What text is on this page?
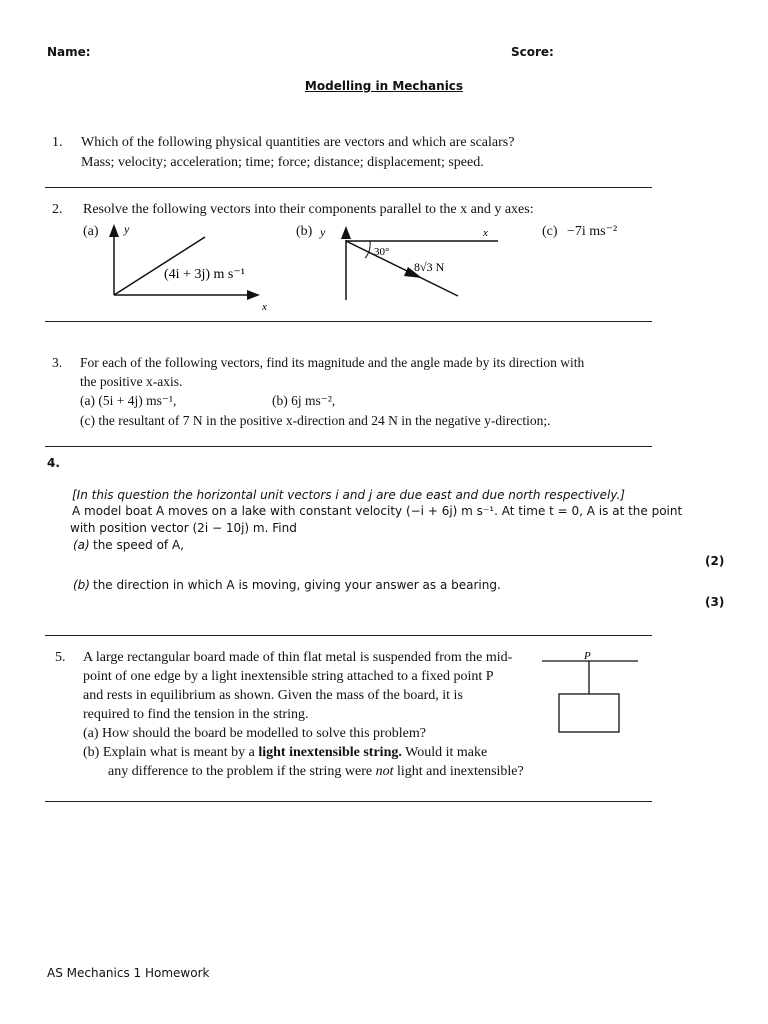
Name:	Score:
Modelling in Mechanics
1. Which of the following physical quantities are vectors and which are scalars?
Mass; velocity; acceleration; time; force; distance; displacement; speed.
2. Resolve the following vectors into their components parallel to the x and y axes:
(a)	(b)	(c) −7i ms⁻²
y
x
(4i + 3j) m s⁻¹
y	x
30°
8√3 N
3. For each of the following vectors, find its magnitude and the angle made by its direction with
the positive x-axis.
(a) (5i + 4j) ms⁻¹,	(b) 6j ms⁻²,
(c) the resultant of 7 N in the positive x-direction and 24 N in the negative y-direction;.
4.
[In this question the horizontal unit vectors i and j are due east and due north respectively.]
A model boat A moves on a lake with constant velocity (−i + 6j) m s⁻¹. At time t = 0, A is at the point
with position vector (2i − 10j) m. Find
(a) the speed of A,
(2)
(b) the direction in which A is moving, giving your answer as a bearing.
(3)
5. A large rectangular board made of thin flat metal is suspended from the mid-
point of one edge by a light inextensible string attached to a fixed point P
and rests in equilibrium as shown. Given the mass of the board, it is
required to find the tension in the string.
(a) How should the board be modelled to solve this problem?
(b) Explain what is meant by a light inextensible string. Would it make
any difference to the problem if the string were not light and inextensible?
P
AS Mechanics 1 Homework
